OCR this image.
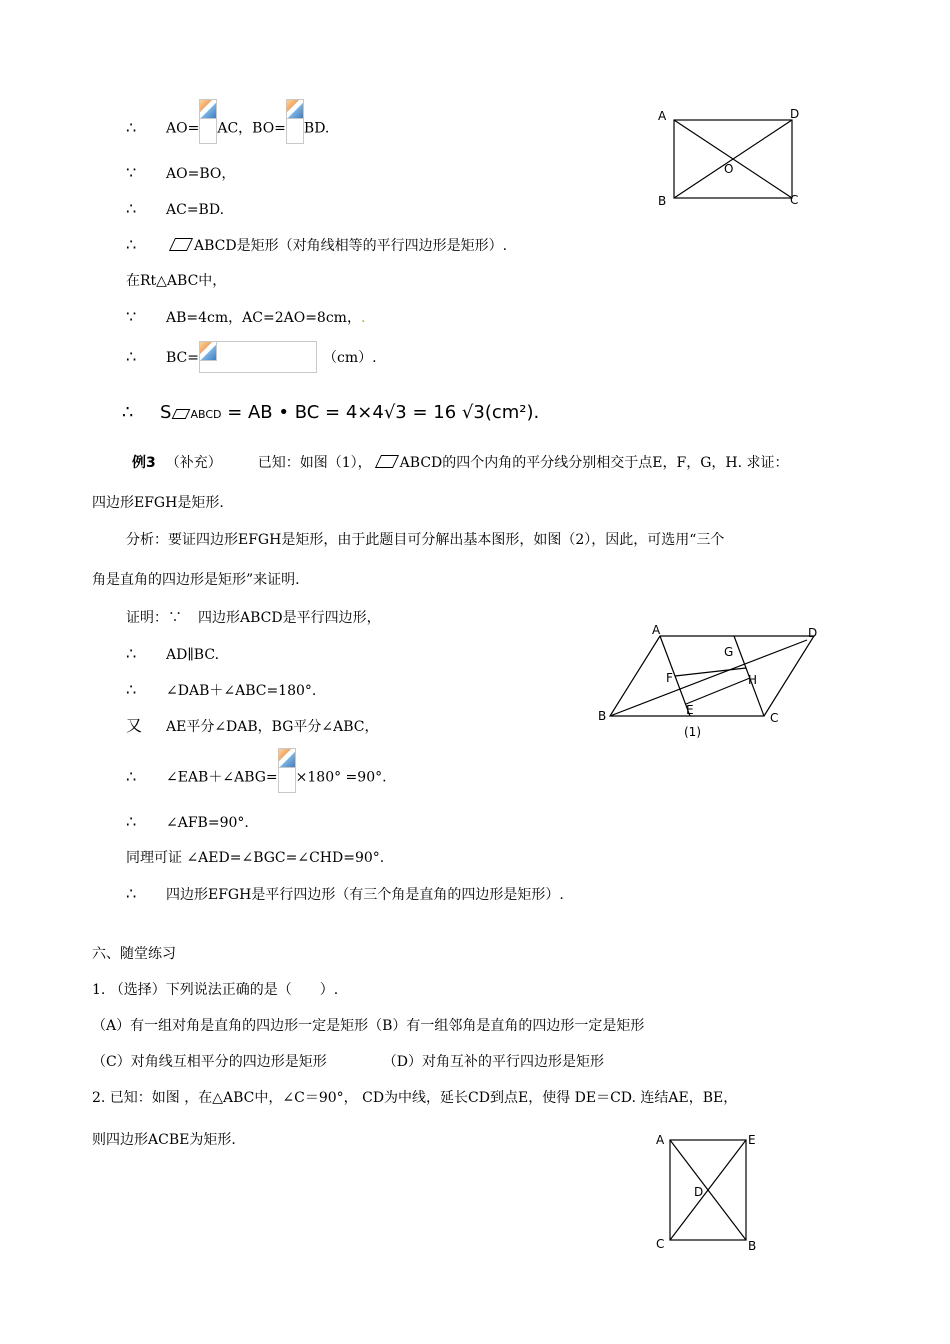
∴ AO= AC，BO= BD.
∵ AO=BO，
∴ AC=BD.
∴	ABCD是矩形（对角线相等的平行四边形是矩形）.
在Rt△ABC中，
∵ AB=4cm，AC=2AO=8cm，.
∴ BC=	（cm）.
∴ S ABCD = AB • BC = 4×4√3 = 16 √3(cm²).
例3 （补充）	已知：如图（1）， ABCD的四个内角的平分线分别相交于点E，F，G，H. 求证：
四边形EFGH是矩形.
分析：要证四边形EFGH是矩形，由于此题目可分解出基本图形，如图（2），因此，可选用“三个
角是直角的四边形是矩形”来证明.
证明：∵ 四边形ABCD是平行四边形，
∴ AD∥BC.
∴ ∠DAB＋∠ABC=180°.
又 AE平分∠DAB，BG平分∠ABC，
∴ ∠EAB＋∠ABG= ×180° =90°.
∴ ∠AFB=90°.
同理可证 ∠AED=∠BGC=∠CHD=90°.
∴ 四边形EFGH是平行四边形（有三个角是直角的四边形是矩形）.
六、随堂练习
1. （选择）下列说法正确的是（　　）.
（A）有一组对角是直角的四边形一定是矩形（B）有一组邻角是直角的四边形一定是矩形
（C）对角线互相平分的四边形是矩形	（D）对角互补的平行四边形是矩形
2. 已知：如图 ，在△ABC中，∠C＝90°， CD为中线，延长CD到点E，使得 DE＝CD. 连结AE，BE，
则四边形ACBE为矩形.
A	D
B	C
O
A	D
B	C
E
F
G
H
(1)
A	E
C	B
D
